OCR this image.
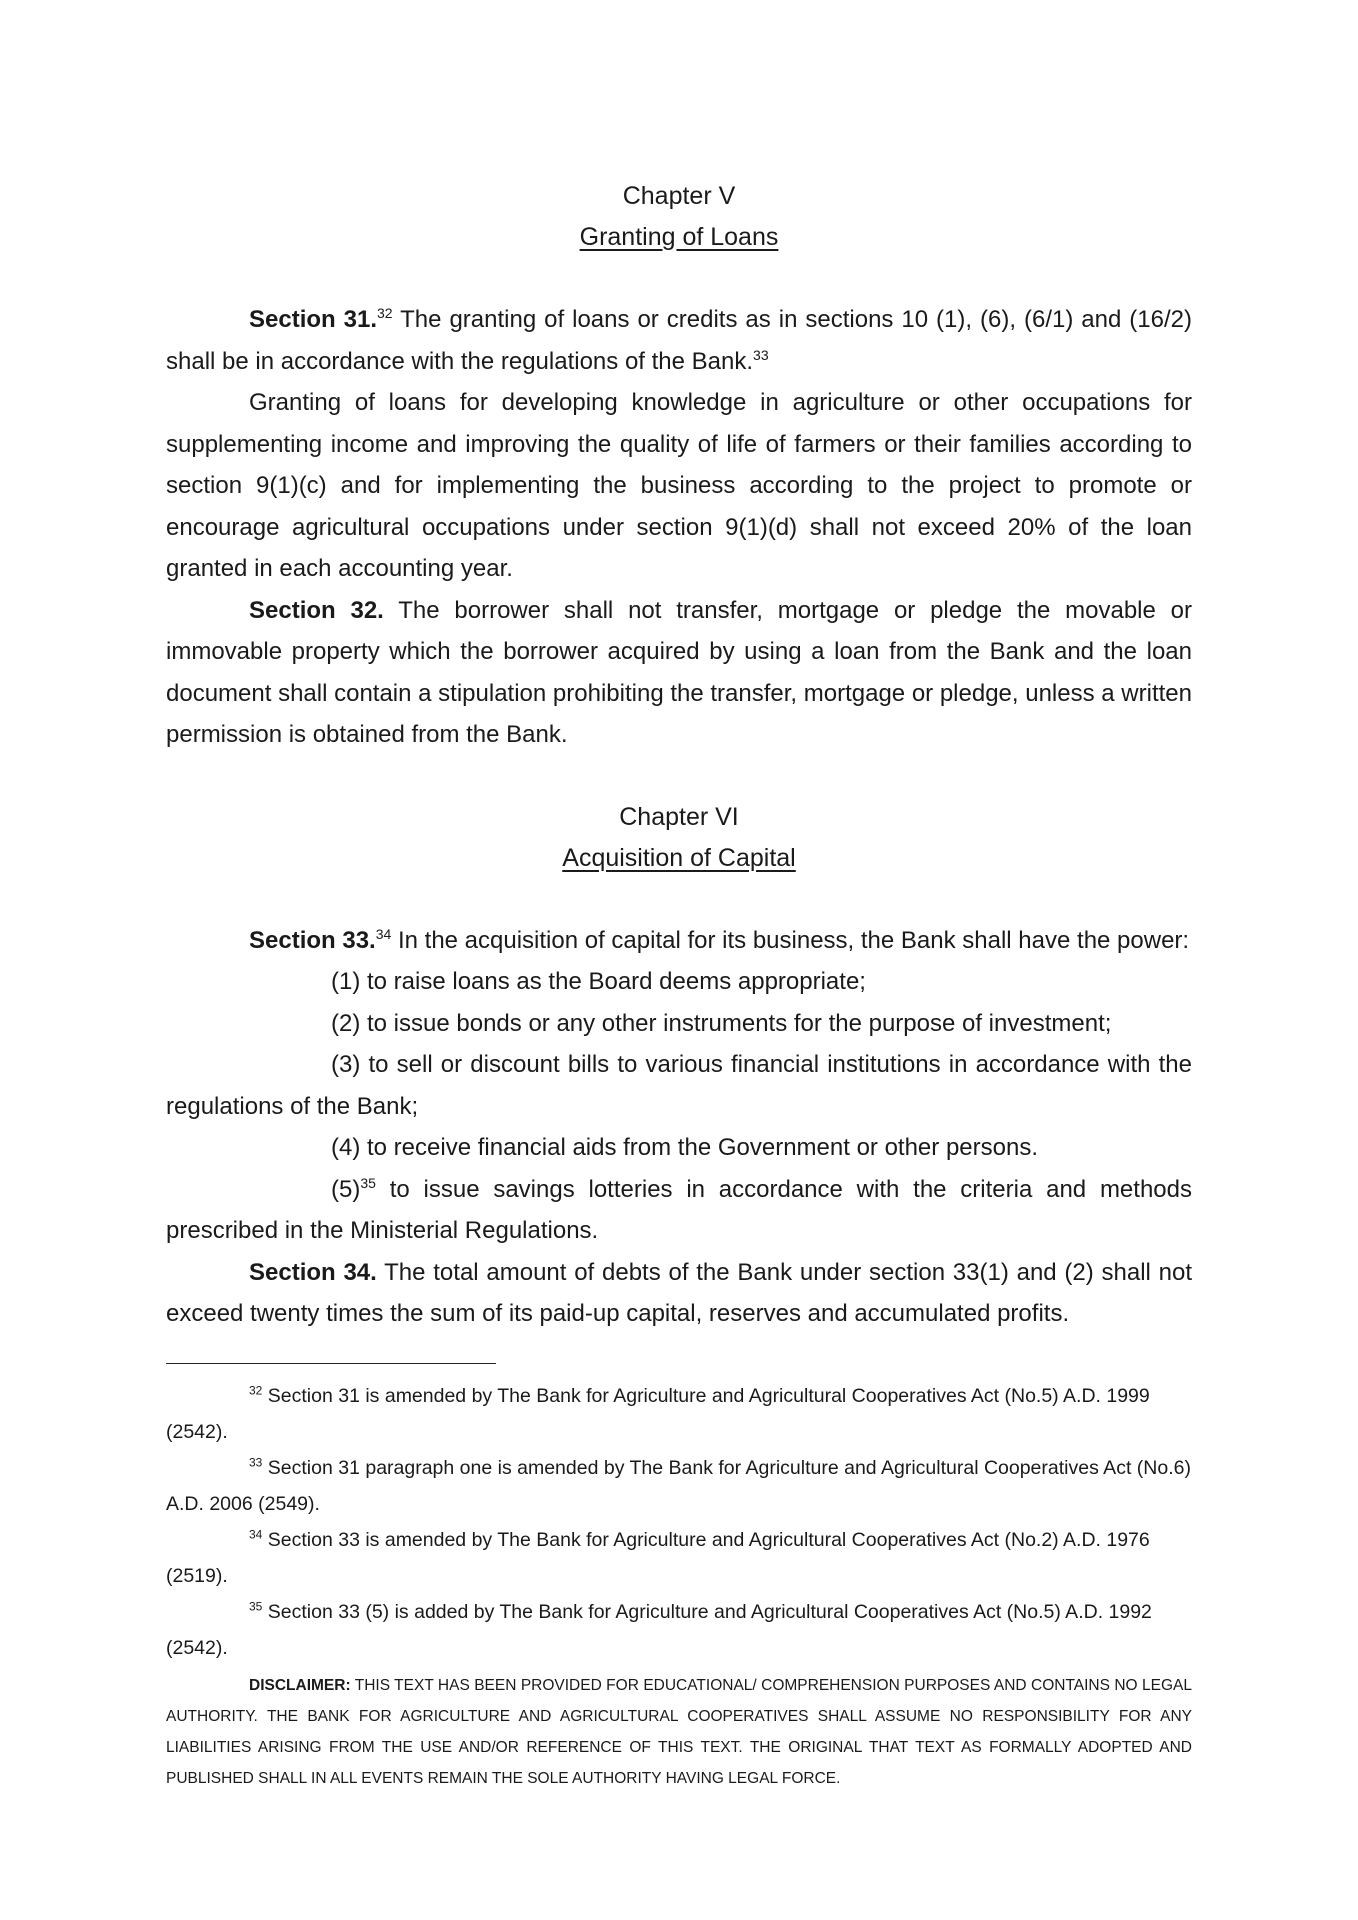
Chapter V

Granting of Loans

Section 31.32 The granting of loans or credits as in sections 10 (1), (6), (6/1) and (16/2) shall be in accordance with the regulations of the Bank.$^{33}$

Granting of loans for developing knowledge in agriculture or other occupations for supplementing income and improving the quality of life of farmers or their families according to section 9(1)(c) and for implementing the business according to the project to promote or encourage agricultural occupations under section 9(1)(d) shall not exceed 20% of the loan granted in each accounting year.

Section 32. The borrower shall not transfer, mortgage or pledge the movable or immovable property which the borrower acquired by using a loan from the Bank and the loan document shall contain a stipulation prohibiting the transfer, mortgage or pledge, unless a written permission is obtained from the Bank.

Chapter VI

Acquisition of Capital

Section 33.34 In the acquisition of capital for its business, the Bank shall have the power:

(1) to raise loans as the Board deems appropriate;

(2) to issue bonds or any other instruments for the purpose of investment;

(3) to sell or discount bills to various financial institutions in accordance with the regulations of the Bank;

(4) to receive financial aids from the Government or other persons.

$(5)^{35}$ to issue savings lotteries in accordance with the criteria and methods prescribed in the Ministerial Regulations.

Section 34. The total amount of debts of the Bank under section 33(1) and (2) shall not exceed twenty times the sum of its paid-up capital, reserves and accumulated profits.

$^{32}$ Section 31 is amended by The Bank for Agriculture and Agricultural Cooperatives Act (No.5) A.D. 1999 (2542).

$^{33}$ Section 31 paragraph one is amended by The Bank for Agriculture and Agricultural Cooperatives Act (No.6) A.D. 2006 (2549).

$^{34}$ Section 33 is amended by The Bank for Agriculture and Agricultural Cooperatives Act (No.2) A.D. 1976 (2519).

$^{35}$ Section 33 (5) is added by The Bank for Agriculture and Agricultural Cooperatives Act (No.5) A.D. 1992 (2542).

DISCLAIMER: THIS TEXT HAS BEEN PROVIDED FOR EDUCATIONAL/ COMPREHENSION PURPOSES AND CONTAINS NO LEGAL AUTHORITY. THE BANK FOR AGRICULTURE AND AGRICULTURAL COOPERATIVES SHALL ASSUME NO RESPONSIBILITY FOR ANY LIABILITIES ARISING FROM THE USE AND/OR REFERENCE OF THIS TEXT. THE ORIGINAL THAT TEXT AS FORMALLY ADOPTED AND PUBLISHED SHALL IN ALL EVENTS REMAIN THE SOLE AUTHORITY HAVING LEGAL FORCE.
